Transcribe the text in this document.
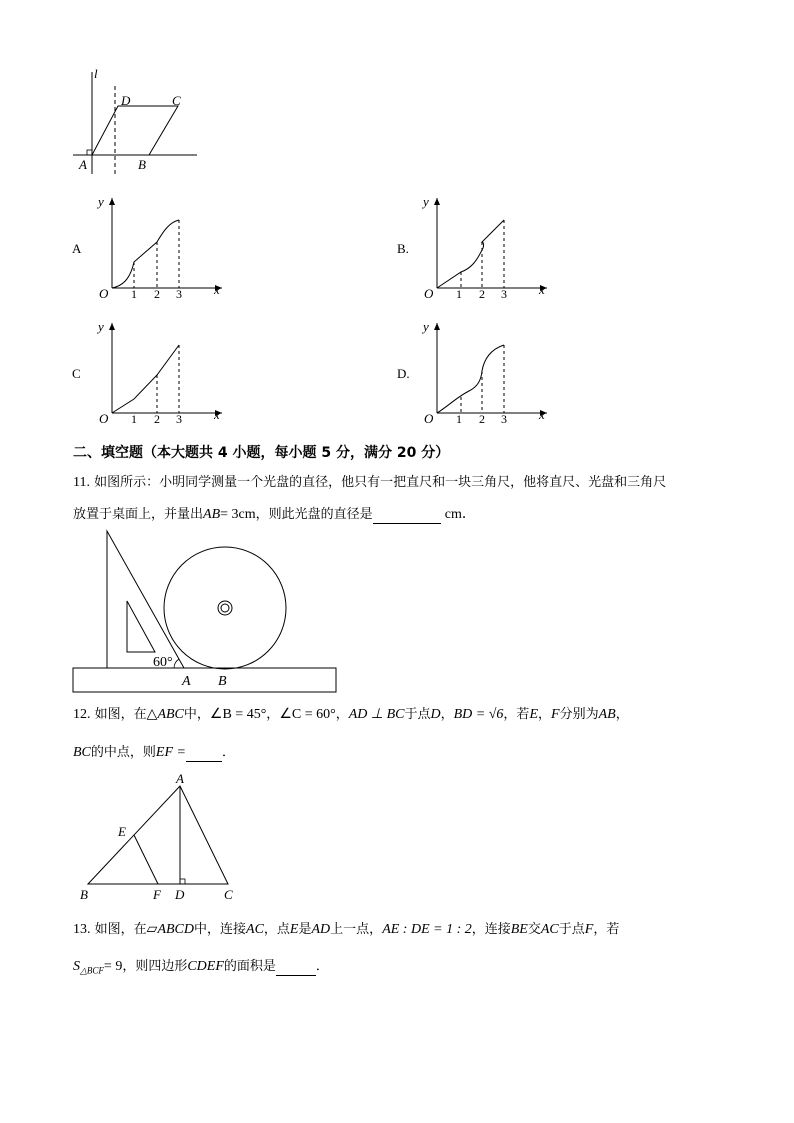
l
D	C
A	B
A
y
x
O 1 2 3
B.
y
x
O 1 2 3
C
y
x
O 1 2 3
D.
y
x
O 1 2 3
二、填空题（本大题共 4 小题，每小题 5 分，满分 20 分）
11. 如图所示：小明同学测量一个光盘的直径，他只有一把直尺和一块三角尺，他将直尺、光盘和三角尺
放置于桌面上，并量出AB= 3cm，则此光盘的直径是	cm．
60°
A B
12. 如图，在△ABC中，∠B = 45°，∠C = 60°，AD ⊥ BC于点D，BD = √6，若E，F分别为AB，
BC的中点，则EF =	．
A
E
B	F D	C
13. 如图，在▱ABCD中，连接AC，点E是AD上一点，AE : DE = 1 : 2，连接BE交AC于点F，若
$S_{\triangle BCF}= 9$，则四边形CDEF的面积是	．
